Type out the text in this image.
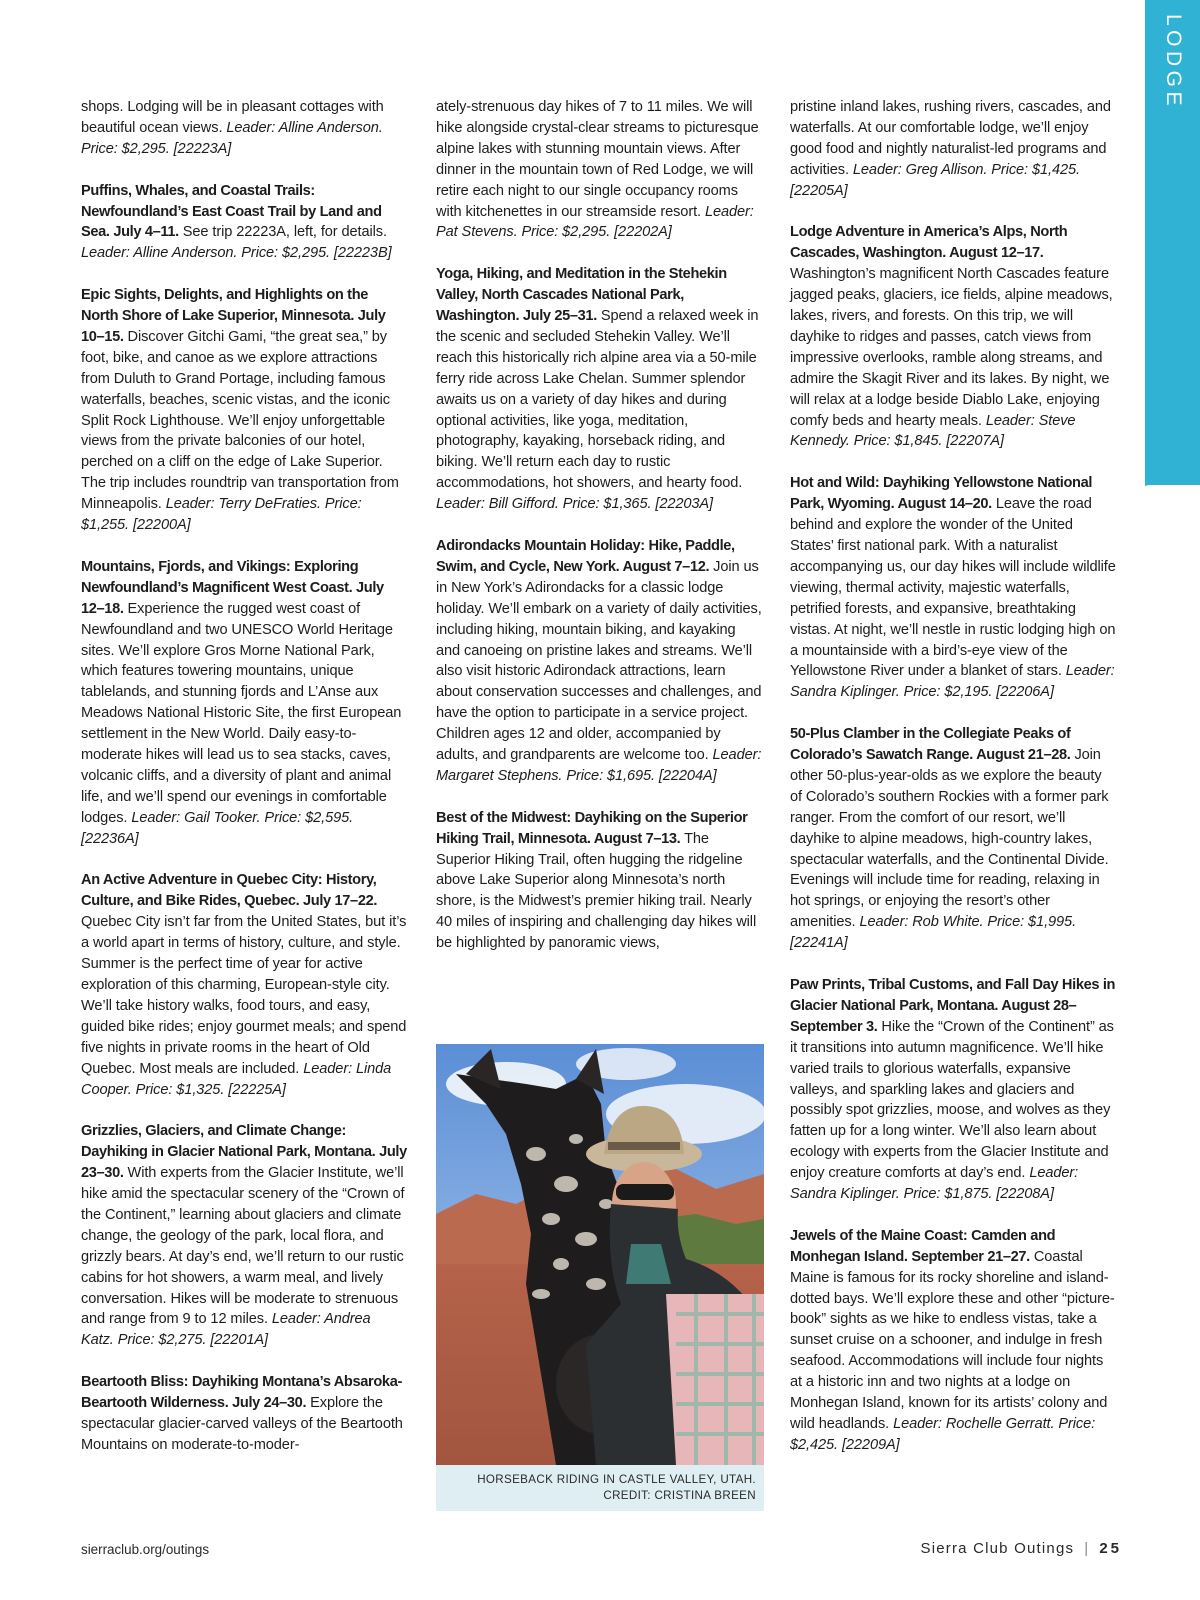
LODGE

shops. Lodging will be in pleasant cottages with beautiful ocean views. Leader: Alline Anderson. Price: $2,295. [22223A]

Puffins, Whales, and Coastal Trails: Newfoundland’s East Coast Trail by Land and Sea. July 4–11. See trip 22223A, left, for details. Leader: Alline Anderson. Price: $2,295. [22223B]

Epic Sights, Delights, and Highlights on the North Shore of Lake Superior, Minnesota. July 10–15. Discover Gitchi Gami, “the great sea,” by foot, bike, and canoe as we explore attractions from Duluth to Grand Portage, including famous waterfalls, beaches, scenic vistas, and the iconic Split Rock Lighthouse. We’ll enjoy unforgettable views from the private balconies of our hotel, perched on a cliff on the edge of Lake Superior. The trip includes roundtrip van transportation from Minneapolis. Leader: Terry DeFraties. Price: $1,255. [22200A]

Mountains, Fjords, and Vikings: Exploring Newfoundland’s Magnificent West Coast. July 12–18. Experience the rugged west coast of Newfoundland and two UNESCO World Heritage sites. We’ll explore Gros Morne National Park, which features towering mountains, unique tablelands, and stunning fjords and L’Anse aux Meadows National Historic Site, the first European settlement in the New World. Daily easy-to-moderate hikes will lead us to sea stacks, caves, volcanic cliffs, and a diversity of plant and animal life, and we’ll spend our evenings in comfortable lodges. Leader: Gail Tooker. Price: $2,595. [22236A]

An Active Adventure in Quebec City: History, Culture, and Bike Rides, Quebec. July 17–22. Quebec City isn’t far from the United States, but it’s a world apart in terms of history, culture, and style. Summer is the perfect time of year for active exploration of this charming, European-style city. We’ll take history walks, food tours, and easy, guided bike rides; enjoy gourmet meals; and spend five nights in private rooms in the heart of Old Quebec. Most meals are included. Leader: Linda Cooper. Price: $1,325. [22225A]

Grizzlies, Glaciers, and Climate Change: Dayhiking in Glacier National Park, Montana. July 23–30. With experts from the Glacier Institute, we’ll hike amid the spectacular scenery of the “Crown of the Continent,” learning about glaciers and climate change, the geology of the park, local flora, and grizzly bears. At day’s end, we’ll return to our rustic cabins for hot showers, a warm meal, and lively conversation. Hikes will be moderate to strenuous and range from 9 to 12 miles. Leader: Andrea Katz. Price: $2,275. [22201A]

Beartooth Bliss: Dayhiking Montana’s Absaroka-Beartooth Wilderness. July 24–30. Explore the spectacular glacier-carved valleys of the Beartooth Mountains on moderate-to-moder-

ately-strenuous day hikes of 7 to 11 miles. We will hike alongside crystal-clear streams to picturesque alpine lakes with stunning mountain views. After dinner in the mountain town of Red Lodge, we will retire each night to our single occupancy rooms with kitchenettes in our streamside resort. Leader: Pat Stevens. Price: $2,295. [22202A]

Yoga, Hiking, and Meditation in the Stehekin Valley, North Cascades National Park, Washington. July 25–31. Spend a relaxed week in the scenic and secluded Stehekin Valley. We’ll reach this historically rich alpine area via a 50-mile ferry ride across Lake Chelan. Summer splendor awaits us on a variety of day hikes and during optional activities, like yoga, meditation, photography, kayaking, horseback riding, and biking. We’ll return each day to rustic accommodations, hot showers, and hearty food. Leader: Bill Gifford. Price: $1,365. [22203A]

Adirondacks Mountain Holiday: Hike, Paddle, Swim, and Cycle, New York. August 7–12. Join us in New York’s Adirondacks for a classic lodge holiday. We’ll embark on a variety of daily activities, including hiking, mountain biking, and kayaking and canoeing on pristine lakes and streams. We’ll also visit historic Adirondack attractions, learn about conservation successes and challenges, and have the option to participate in a service project. Children ages 12 and older, accompanied by adults, and grandparents are welcome too. Leader: Margaret Stephens. Price: $1,695. [22204A]

Best of the Midwest: Dayhiking on the Superior Hiking Trail, Minnesota. August 7–13. The Superior Hiking Trail, often hugging the ridgeline above Lake Superior along Minnesota’s north shore, is the Midwest’s premier hiking trail. Nearly 40 miles of inspiring and challenging day hikes will be highlighted by panoramic views,

pristine inland lakes, rushing rivers, cascades, and waterfalls. At our comfortable lodge, we’ll enjoy good food and nightly naturalist-led programs and activities. Leader: Greg Allison. Price: $1,425. [22205A]

Lodge Adventure in America’s Alps, North Cascades, Washington. August 12–17. Washington’s magnificent North Cascades feature jagged peaks, glaciers, ice fields, alpine meadows, lakes, rivers, and forests. On this trip, we will dayhike to ridges and passes, catch views from impressive overlooks, ramble along streams, and admire the Skagit River and its lakes. By night, we will relax at a lodge beside Diablo Lake, enjoying comfy beds and hearty meals. Leader: Steve Kennedy. Price: $1,845. [22207A]

Hot and Wild: Dayhiking Yellowstone National Park, Wyoming. August 14–20. Leave the road behind and explore the wonder of the United States’ first national park. With a naturalist accompanying us, our day hikes will include wildlife viewing, thermal activity, majestic waterfalls, petrified forests, and expansive, breathtaking vistas. At night, we’ll nestle in rustic lodging high on a mountainside with a bird’s-eye view of the Yellowstone River under a blanket of stars. Leader: Sandra Kiplinger. Price: $2,195. [22206A]

50-Plus Clamber in the Collegiate Peaks of Colorado’s Sawatch Range. August 21–28. Join other 50-plus-year-olds as we explore the beauty of Colorado’s southern Rockies with a former park ranger. From the comfort of our resort, we’ll dayhike to alpine meadows, high-country lakes, spectacular waterfalls, and the Continental Divide. Evenings will include time for reading, relaxing in hot springs, or enjoying the resort’s other amenities. Leader: Rob White. Price: $1,995. [22241A]

Paw Prints, Tribal Customs, and Fall Day Hikes in Glacier National Park, Montana. August 28–September 3. Hike the “Crown of the Continent” as it transitions into autumn magnificence. We’ll hike varied trails to glorious waterfalls, expansive valleys, and sparkling lakes and glaciers and possibly spot grizzlies, moose, and wolves as they fatten up for a long winter. We’ll also learn about ecology with experts from the Glacier Institute and enjoy creature comforts at day’s end. Leader: Sandra Kiplinger. Price: $1,875. [22208A]

Jewels of the Maine Coast: Camden and Monhegan Island. September 21–27. Coastal Maine is famous for its rocky shoreline and island-dotted bays. We’ll explore these and other “picture-book” sights as we hike to endless vistas, take a sunset cruise on a schooner, and indulge in fresh seafood. Accommodations will include four nights at a historic inn and two nights at a lodge on Monhegan Island, known for its artists’ colony and wild headlands. Leader: Rochelle Gerratt. Price: $2,425. [22209A]

HORSEBACK RIDING IN CASTLE VALLEY, UTAH.
CREDIT: CRISTINA BREEN
sierraclub.org/outings	Sierra Club Outings | 25
